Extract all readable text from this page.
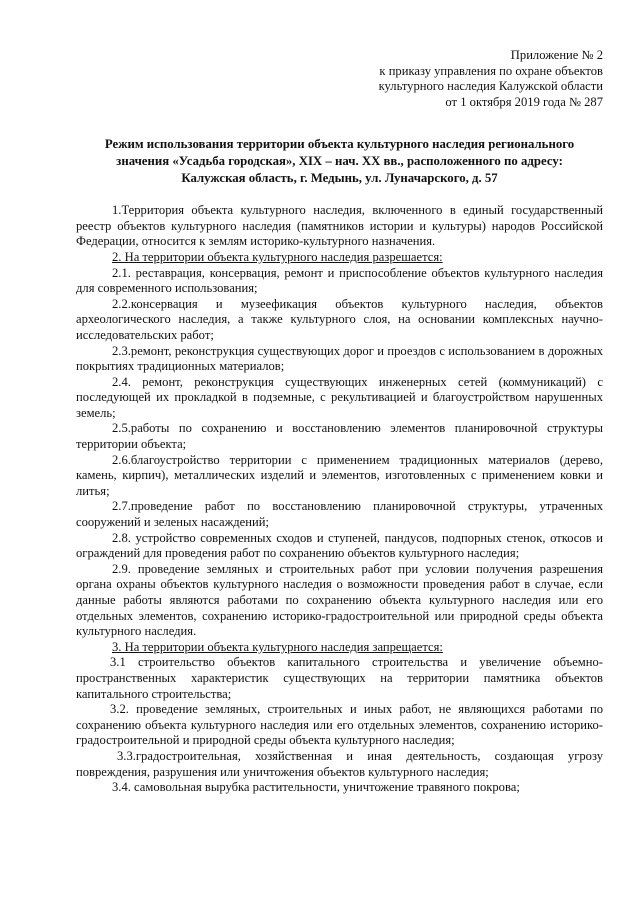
Приложение № 2
к приказу управления по охране объектов
культурного наследия Калужской области
от 1 октября 2019 года № 287
Режим использования территории объекта культурного наследия регионального
значения «Усадьба городская», XIX – нач. XX вв., расположенного по адресу:
Калужская область, г. Медынь, ул. Луначарского, д. 57

1.Территория объекта культурного наследия, включенного в единый государственный реестр объектов культурного наследия (памятников истории и культуры) народов Российской Федерации, относится к землям историко-культурного назначения.

2. На территории объекта культурного наследия разрешается:

2.1. реставрация, консервация, ремонт и приспособление объектов культурного наследия для современного использования;

2.2.консервация и музеефикация объектов культурного наследия, объектов археологического наследия, а также культурного слоя, на основании комплексных научно-исследовательских работ;

2.3.ремонт, реконструкция существующих дорог и проездов с использованием в дорожных покрытиях традиционных материалов;

2.4. ремонт, реконструкция существующих инженерных сетей (коммуникаций) с последующей их прокладкой в подземные, с рекультивацией и благоустройством нарушенных земель;

2.5.работы по сохранению и восстановлению элементов планировочной структуры территории объекта;

2.6.благоустройство территории с применением традиционных материалов (дерево, камень, кирпич), металлических изделий и элементов, изготовленных с применением ковки и литья;

2.7.проведение работ по восстановлению планировочной структуры, утраченных сооружений и зеленых насаждений;

2.8. устройство современных сходов и ступеней, пандусов, подпорных стенок, откосов и ограждений для проведения работ по сохранению объектов культурного наследия;

2.9. проведение земляных и строительных работ при условии получения разрешения органа охраны объектов культурного наследия о возможности проведения работ в случае, если данные работы являются работами по сохранению объекта культурного наследия или его отдельных элементов, сохранению историко-градостроительной или природной среды объекта культурного наследия.

3. На территории объекта культурного наследия запрещается:

3.1 строительство объектов капитального строительства и увеличение объемно-пространственных характеристик существующих на территории памятника объектов капитального строительства;

3.2. проведение земляных, строительных и иных работ, не являющихся работами по сохранению объекта культурного наследия или его отдельных элементов, сохранению историко-градостроительной и природной среды объекта культурного наследия;

3.3.градостроительная, хозяйственная и иная деятельность, создающая угрозу повреждения, разрушения или уничтожения объектов культурного наследия;

3.4. самовольная вырубка растительности, уничтожение травяного покрова;
